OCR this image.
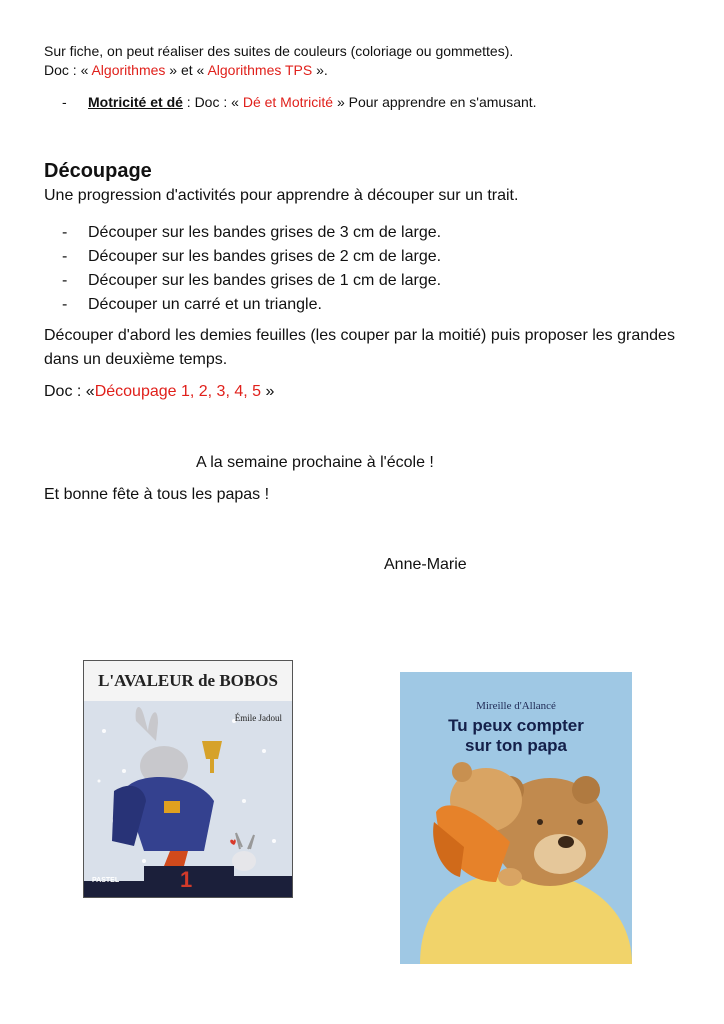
Sur fiche, on peut réaliser des suites de couleurs (coloriage ou gommettes).
Doc : « Algorithmes » et « Algorithmes TPS ».
- Motricité et dé : Doc : « Dé et Motricité » Pour apprendre en s'amusant.
Découpage
Une progression d'activités pour apprendre à découper sur un trait.
- Découper sur les bandes grises de 3 cm de large.
- Découper sur les bandes grises de 2 cm de large.
- Découper sur les bandes grises de 1 cm de large.
- Découper un carré et un triangle.
Découper d'abord les demies feuilles (les couper par la moitié) puis proposer les grandes dans un deuxième temps.
Doc : «Découpage 1, 2, 3, 4, 5 »
A la semaine prochaine à l'école !
Et bonne fête à tous les papas !
Anne-Marie
L'AVALEUR de BOBOS
Émile Jadoul
PASTEL	1
Mireille d'Allancé
Tu peux compter
sur ton papa
